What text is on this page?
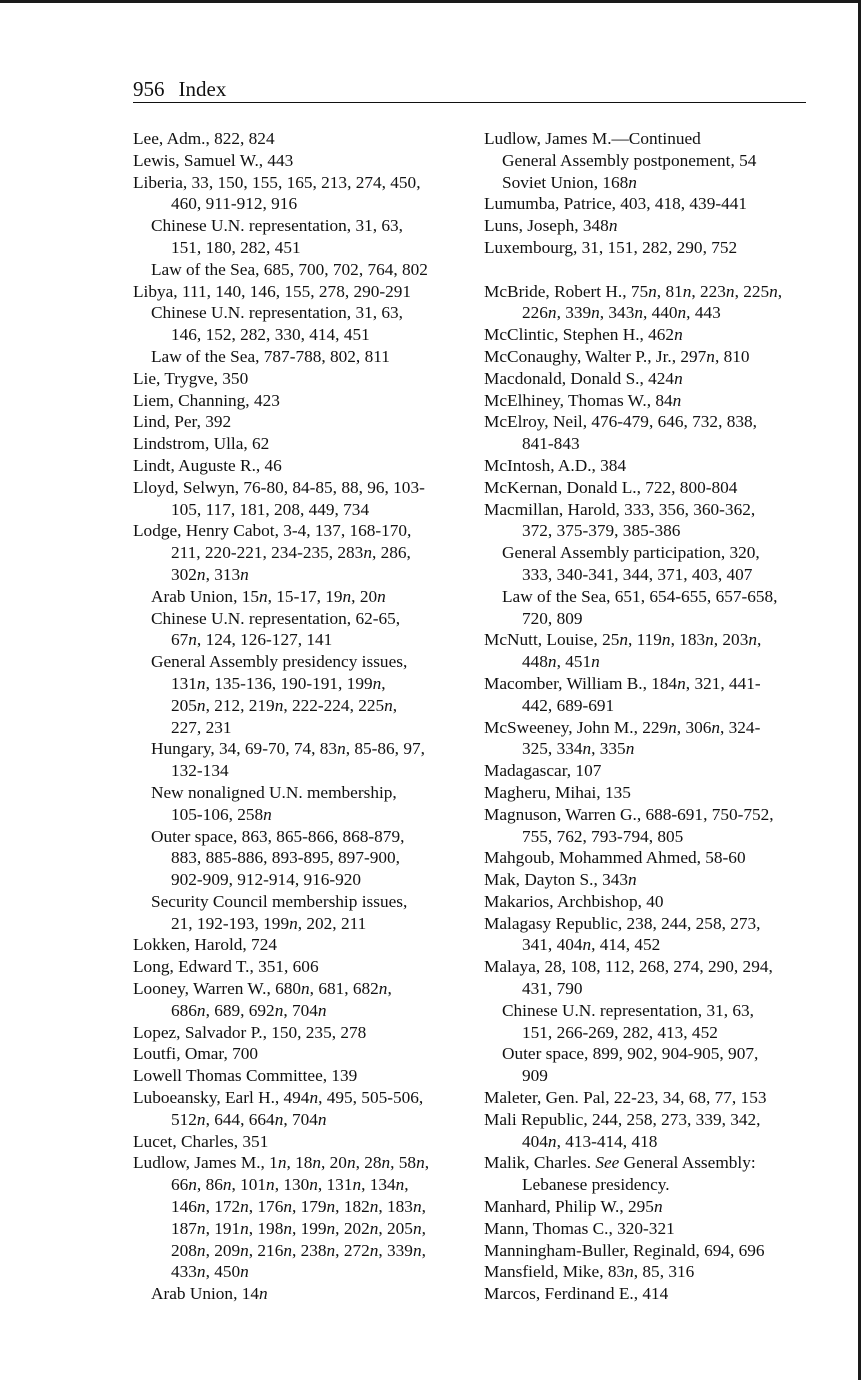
956 Index
Lee, Adm., 822, 824
Lewis, Samuel W., 443
Liberia, 33, 150, 155, 165, 213, 274, 450,
460, 911-912, 916
Chinese U.N. representation, 31, 63,
151, 180, 282, 451
Law of the Sea, 685, 700, 702, 764, 802
Libya, 111, 140, 146, 155, 278, 290-291
Chinese U.N. representation, 31, 63,
146, 152, 282, 330, 414, 451
Law of the Sea, 787-788, 802, 811
Lie, Trygve, 350
Liem, Channing, 423
Lind, Per, 392
Lindstrom, Ulla, 62
Lindt, Auguste R., 46
Lloyd, Selwyn, 76-80, 84-85, 88, 96, 103-
105, 117, 181, 208, 449, 734
Lodge, Henry Cabot, 3-4, 137, 168-170,
211, 220-221, 234-235, 283n, 286,
302n, 313n
Arab Union, 15n, 15-17, 19n, 20n
Chinese U.N. representation, 62-65,
67n, 124, 126-127, 141
General Assembly presidency issues,
131n, 135-136, 190-191, 199n,
205n, 212, 219n, 222-224, 225n,
227, 231
Hungary, 34, 69-70, 74, 83n, 85-86, 97,
132-134
New nonaligned U.N. membership,
105-106, 258n
Outer space, 863, 865-866, 868-879,
883, 885-886, 893-895, 897-900,
902-909, 912-914, 916-920
Security Council membership issues,
21, 192-193, 199n, 202, 211
Lokken, Harold, 724
Long, Edward T., 351, 606
Looney, Warren W., 680n, 681, 682n,
686n, 689, 692n, 704n
Lopez, Salvador P., 150, 235, 278
Loutfi, Omar, 700
Lowell Thomas Committee, 139
Luboeansky, Earl H., 494n, 495, 505-506,
512n, 644, 664n, 704n
Lucet, Charles, 351
Ludlow, James M., 1n, 18n, 20n, 28n, 58n,
66n, 86n, 101n, 130n, 131n, 134n,
146n, 172n, 176n, 179n, 182n, 183n,
187n, 191n, 198n, 199n, 202n, 205n,
208n, 209n, 216n, 238n, 272n, 339n,
433n, 450n
Arab Union, 14n
Ludlow, James M.—Continued
General Assembly postponement, 54
Soviet Union, 168n
Lumumba, Patrice, 403, 418, 439-441
Luns, Joseph, 348n
Luxembourg, 31, 151, 282, 290, 752
McBride, Robert H., 75n, 81n, 223n, 225n,
226n, 339n, 343n, 440n, 443
McClintic, Stephen H., 462n
McConaughy, Walter P., Jr., 297n, 810
Macdonald, Donald S., 424n
McElhiney, Thomas W., 84n
McElroy, Neil, 476-479, 646, 732, 838,
841-843
McIntosh, A.D., 384
McKernan, Donald L., 722, 800-804
Macmillan, Harold, 333, 356, 360-362,
372, 375-379, 385-386
General Assembly participation, 320,
333, 340-341, 344, 371, 403, 407
Law of the Sea, 651, 654-655, 657-658,
720, 809
McNutt, Louise, 25n, 119n, 183n, 203n,
448n, 451n
Macomber, William B., 184n, 321, 441-
442, 689-691
McSweeney, John M., 229n, 306n, 324-
325, 334n, 335n
Madagascar, 107
Magheru, Mihai, 135
Magnuson, Warren G., 688-691, 750-752,
755, 762, 793-794, 805
Mahgoub, Mohammed Ahmed, 58-60
Mak, Dayton S., 343n
Makarios, Archbishop, 40
Malagasy Republic, 238, 244, 258, 273,
341, 404n, 414, 452
Malaya, 28, 108, 112, 268, 274, 290, 294,
431, 790
Chinese U.N. representation, 31, 63,
151, 266-269, 282, 413, 452
Outer space, 899, 902, 904-905, 907,
909
Maleter, Gen. Pal, 22-23, 34, 68, 77, 153
Mali Republic, 244, 258, 273, 339, 342,
404n, 413-414, 418
Malik, Charles. See General Assembly:
Lebanese presidency.
Manhard, Philip W., 295n
Mann, Thomas C., 320-321
Manningham-Buller, Reginald, 694, 696
Mansfield, Mike, 83n, 85, 316
Marcos, Ferdinand E., 414
